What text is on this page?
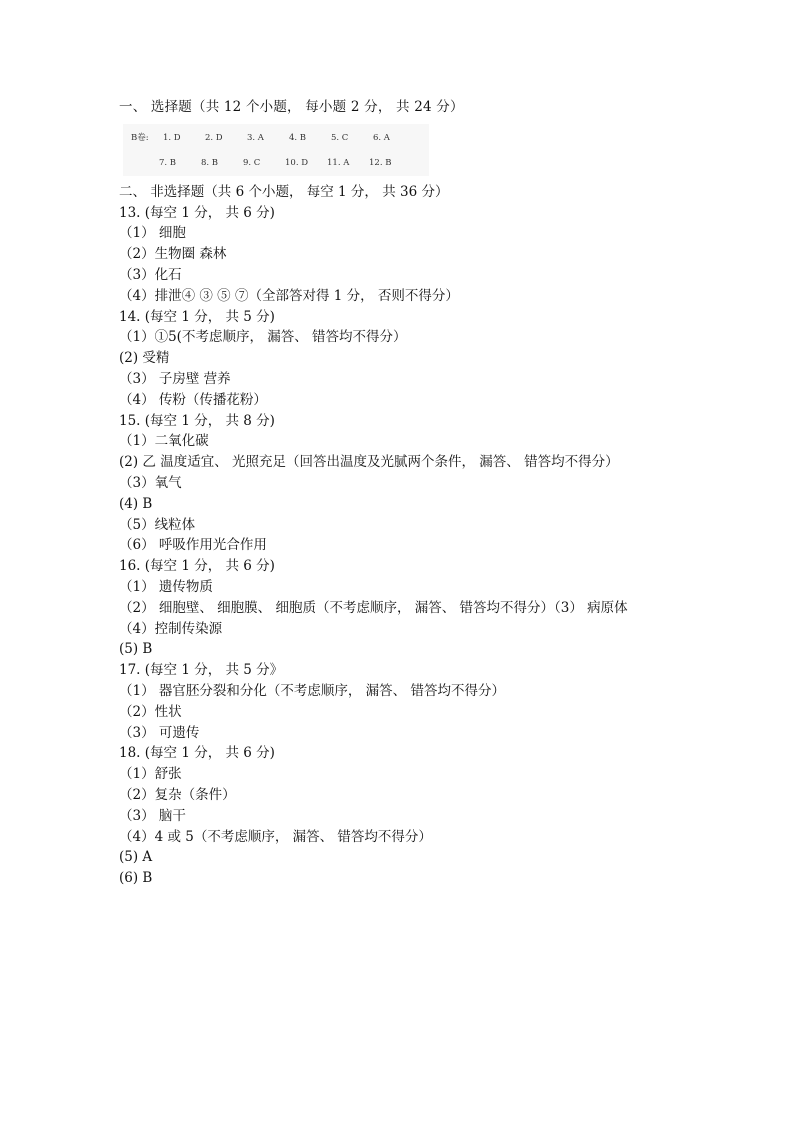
一、 选择题（共 12 个小题， 每小题 2 分， 共 24 分）
B卷: 1. D	2. D	3. A	4. B	5. C	6. A
7. B	8. B	9. C	10. D 11. A 12. B
二、 非选择题（共 6 个小题， 每空 1 分， 共 36 分）
13. (每空 1 分， 共 6 分)
（1） 细胞
（2）生物圈 森林
（3）化石
（4）排泄④ ③ ⑤ ⑦（全部答对得 1 分， 否则不得分）
14. (每空 1 分， 共 5 分)
（1）①5(不考虑顺序， 漏答、 错答均不得分）
(2) 受精
（3） 子房壁 营养
（4） 传粉（传播花粉）
15. (每空 1 分， 共 8 分)
（1）二氧化碳
(2) 乙 温度适宜、 光照充足（回答出温度及光腻两个条件， 漏答、 错答均不得分）
（3）氧气
(4) B
（5）线粒体
（6） 呼吸作用光合作用
16. (每空 1 分， 共 6 分)
（1） 遗传物质
（2） 细胞壁、 细胞膜、 细胞质（不考虑顺序， 漏答、 错答均不得分）（3） 病原体
（4）控制传染源
(5) B
17. (每空 1 分， 共 5 分》
（1） 器官胚分裂和分化（不考虑顺序， 漏答、 错答均不得分）
（2）性状
（3） 可遗传
18. (每空 1 分， 共 6 分)
（1）舒张
（2）复杂（条件）
（3） 脑干
（4）4 或 5（不考虑顺序， 漏答、 错答均不得分）
(5) A
(6) B
